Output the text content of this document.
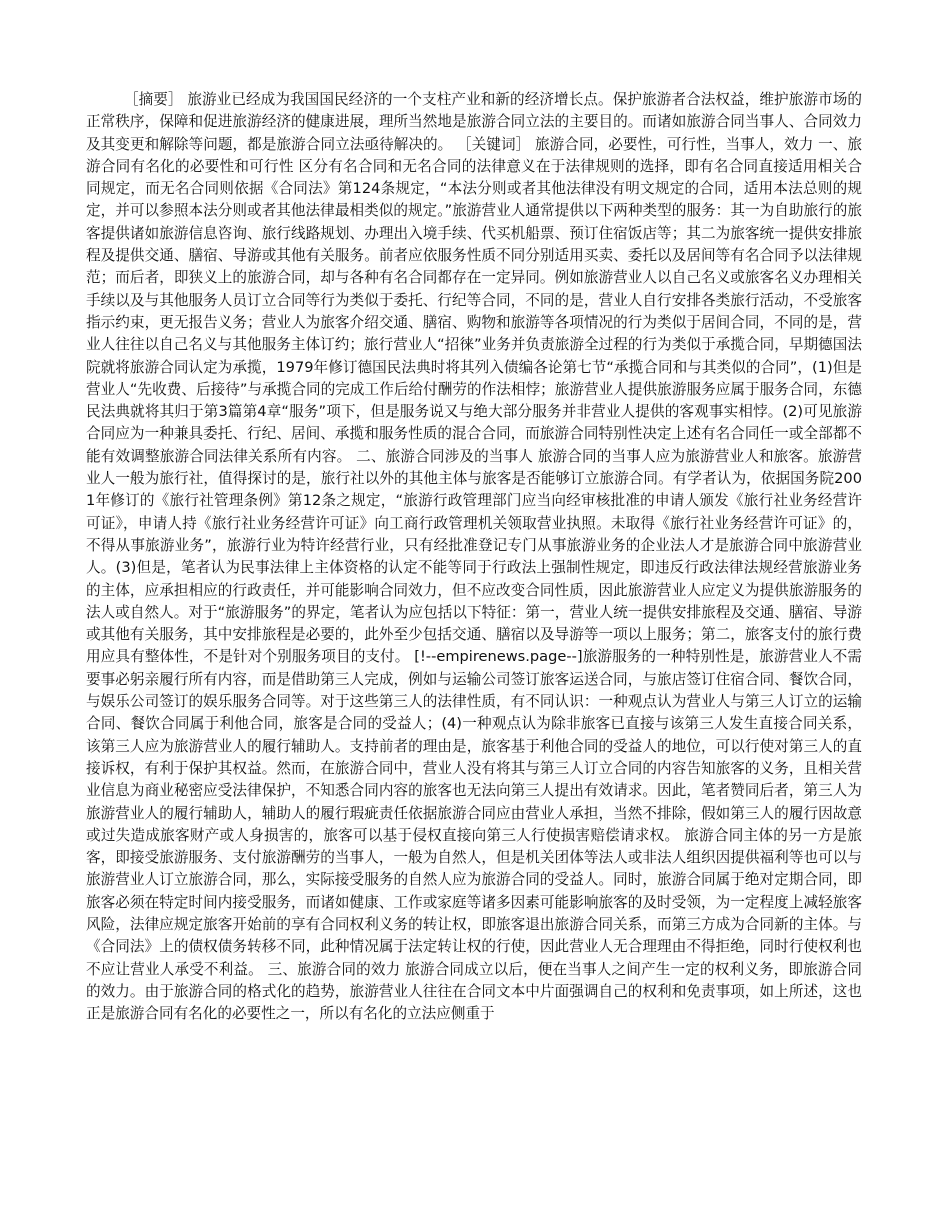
［摘要］ 旅游业已经成为我国国民经济的一个支柱产业和新的经济增长点。保护旅游者合法权益，维护旅游市场的正常秩序，保障和促进旅游经济的健康进展，理所当然地是旅游合同立法的主要目的。而诸如旅游合同当事人、合同效力及其变更和解除等问题，都是旅游合同立法亟待解决的。 ［关键词］ 旅游合同，必要性，可行性，当事人，效力 一、旅游合同有名化的必要性和可行性 区分有名合同和无名合同的法律意义在于法律规则的选择，即有名合同直接适用相关合同规定，而无名合同则依据《合同法》第124条规定，“本法分则或者其他法律没有明文规定的合同，适用本法总则的规定，并可以参照本法分则或者其他法律最相类似的规定。”旅游营业人通常提供以下两种类型的服务：其一为自助旅行的旅客提供诸如旅游信息咨询、旅行线路规划、办理出入境手续、代买机船票、预订住宿饭店等；其二为旅客统一提供安排旅程及提供交通、膳宿、导游或其他有关服务。前者应依服务性质不同分别适用买卖、委托以及居间等有名合同予以法律规范；而后者，即狭义上的旅游合同，却与各种有名合同都存在一定异同。例如旅游营业人以自己名义或旅客名义办理相关手续以及与其他服务人员订立合同等行为类似于委托、行纪等合同，不同的是，营业人自行安排各类旅行活动，不受旅客指示约束，更无报告义务；营业人为旅客介绍交通、膳宿、购物和旅游等各项情况的行为类似于居间合同，不同的是，营业人往往以自己名义与其他服务主体订约；旅行营业人“招徕”业务并负责旅游全过程的行为类似于承揽合同，早期德国法院就将旅游合同认定为承揽，1979年修订德国民法典时将其列入债编各论第七节“承揽合同和与其类似的合同”，(1)但是营业人“先收费、后接待”与承揽合同的完成工作后给付酬劳的作法相悖；旅游营业人提供旅游服务应属于服务合同，东德民法典就将其归于第3篇第4章“服务”项下，但是服务说又与绝大部分服务并非营业人提供的客观事实相悖。(2)可见旅游合同应为一种兼具委托、行纪、居间、承揽和服务性质的混合合同，而旅游合同特别性决定上述有名合同任一或全部都不能有效调整旅游合同法律关系所有内容。 二、旅游合同涉及的当事人 旅游合同的当事人应为旅游营业人和旅客。旅游营业人一般为旅行社，值得探讨的是，旅行社以外的其他主体与旅客是否能够订立旅游合同。有学者认为，依据国务院2001年修订的《旅行社管理条例》第12条之规定，“旅游行政管理部门应当向经审核批准的申请人颁发《旅行社业务经营许可证》，申请人持《旅行社业务经营许可证》向工商行政管理机关领取营业执照。未取得《旅行社业务经营许可证》的，不得从事旅游业务”，旅游行业为特许经营行业，只有经批准登记专门从事旅游业务的企业法人才是旅游合同中旅游营业人。(3)但是，笔者认为民事法律上主体资格的认定不能等同于行政法上强制性规定，即违反行政法律法规经营旅游业务的主体，应承担相应的行政责任，并可能影响合同效力，但不应改变合同性质，因此旅游营业人应定义为提供旅游服务的法人或自然人。对于“旅游服务”的界定，笔者认为应包括以下特征：第一，营业人统一提供安排旅程及交通、膳宿、导游或其他有关服务，其中安排旅程是必要的，此外至少包括交通、膳宿以及导游等一项以上服务；第二，旅客支付的旅行费用应具有整体性，不是针对个别服务项目的支付。 [!--empirenews.page--]旅游服务的一种特别性是，旅游营业人不需要事必躬亲履行所有内容，而是借助第三人完成，例如与运输公司签订旅客运送合同，与旅店签订住宿合同、餐饮合同，与娱乐公司签订的娱乐服务合同等。对于这些第三人的法律性质，有不同认识：一种观点认为营业人与第三人订立的运输合同、餐饮合同属于利他合同，旅客是合同的受益人；(4)一种观点认为除非旅客已直接与该第三人发生直接合同关系，该第三人应为旅游营业人的履行辅助人。支持前者的理由是，旅客基于利他合同的受益人的地位，可以行使对第三人的直接诉权，有利于保护其权益。然而，在旅游合同中，营业人没有将其与第三人订立合同的内容告知旅客的义务，且相关营业信息为商业秘密应受法律保护，不知悉合同内容的旅客也无法向第三人提出有效请求。因此，笔者赞同后者，第三人为旅游营业人的履行辅助人，辅助人的履行瑕疵责任依据旅游合同应由营业人承担，当然不排除，假如第三人的履行因故意或过失造成旅客财产或人身损害的，旅客可以基于侵权直接向第三人行使损害赔偿请求权。 旅游合同主体的另一方是旅客，即接受旅游服务、支付旅游酬劳的当事人，一般为自然人，但是机关团体等法人或非法人组织因提供福利等也可以与旅游营业人订立旅游合同，那么，实际接受服务的自然人应为旅游合同的受益人。同时，旅游合同属于绝对定期合同，即旅客必须在特定时间内接受服务，而诸如健康、工作或家庭等诸多因素可能影响旅客的及时受领，为一定程度上减轻旅客风险，法律应规定旅客开始前的享有合同权利义务的转让权，即旅客退出旅游合同关系，而第三方成为合同新的主体。与《合同法》上的债权债务转移不同，此种情况属于法定转让权的行使，因此营业人无合理理由不得拒绝，同时行使权利也不应让营业人承受不利益。 三、旅游合同的效力 旅游合同成立以后，便在当事人之间产生一定的权利义务，即旅游合同的效力。由于旅游合同的格式化的趋势，旅游营业人往往在合同文本中片面强调自己的权利和免责事项，如上所述，这也正是旅游合同有名化的必要性之一，所以有名化的立法应侧重于
